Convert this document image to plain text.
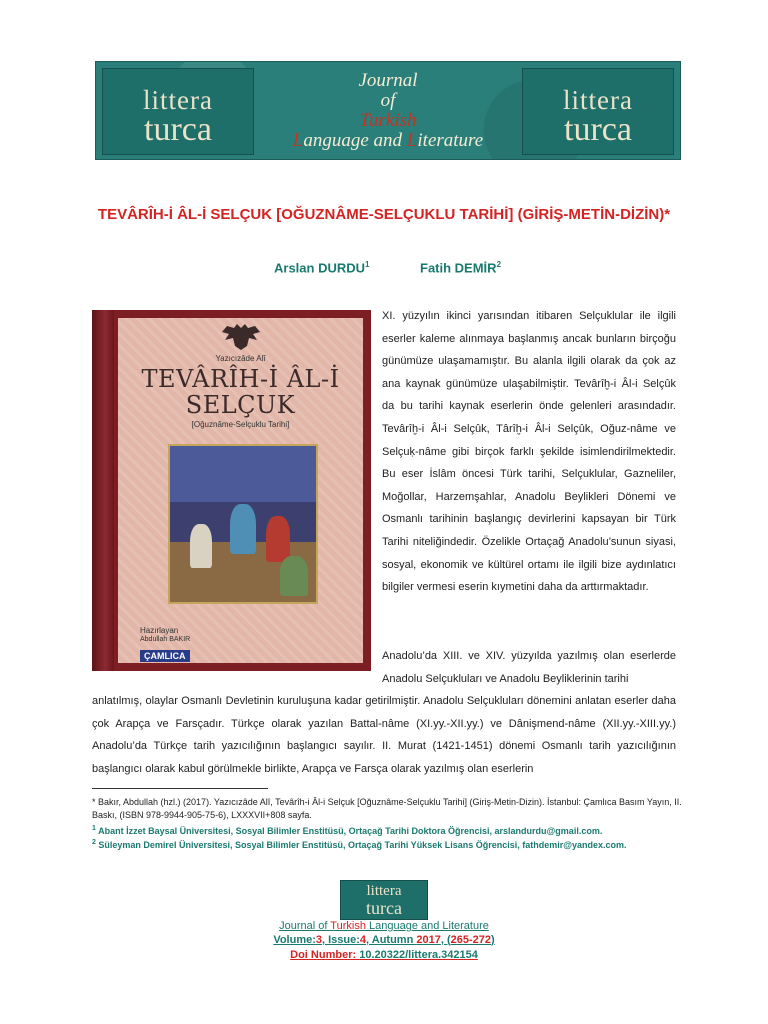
littera
turca
Journal
of
Turkish
Language and Literature
littera
turca
TEVÂRÎH-İ ÂL-İ SELÇUK [OĞUZNÂME-SELÇUKLU TARİHİ] (GİRİŞ-METİN-DİZİN)*
Arslan DURDU$^1$	Fatih DEMİR$^2$
Yazıcızâde Alî
TEVÂRÎH-İ ÂL-İ
SELÇUK
[Oğuznâme-Selçuklu Tarihi]
Hazırlayan
Abdullah BAKIR
ÇAMLICA

XI. yüzyılın ikinci yarısından itibaren Selçuklular ile ilgili eserler kaleme alınmaya başlanmış ancak bunların birçoğu günümüze ulaşamamıştır. Bu alanla ilgili olarak da çok az ana kaynak günümüze ulaşabilmiştir. Tevârîḫ-i Âl-i Selçûk da bu tarihi kaynak eserlerin önde gelenleri arasındadır. Tevârîḫ-i Âl-i Selçûk, Târîḫ-i Âl-i Selçûk, Oğuz-nâme ve Selçuḳ-nâme gibi birçok farklı şekilde isimlendirilmektedir. Bu eser İslâm öncesi Türk tarihi, Selçuklular, Gazneliler, Moğollar, Harzemşahlar, Anadolu Beylikleri Dönemi ve Osmanlı tarihinin başlangıç devirlerini kapsayan bir Türk Tarihi niteliğindedir. Özelikle Ortaçağ Anadolu’sunun siyasi, sosyal, ekonomik ve kültürel ortamı ile ilgili bize aydınlatıcı bilgiler vermesi eserin kıymetini daha da arttırmaktadır.

Anadolu’da XIII. ve XIV. yüzyılda yazılmış olan eserlerde Anadolu Selçukluları ve Anadolu Beyliklerinin tarihi
anlatılmış, olaylar Osmanlı Devletinin kuruluşuna kadar getirilmiştir. Anadolu Selçukluları dönemini anlatan eserler daha çok Arapça ve Farsçadır. Türkçe olarak yazılan Battal-nâme (XI.yy.-XII.yy.) ve Dânişmend-nâme (XII.yy.-XIII.yy.) Anadolu’da Türkçe tarih yazıcılığının başlangıcı sayılır. II. Murat (1421-1451) dönemi Osmanlı tarih yazıcılığının başlangıcı olarak kabul görülmekle birlikte, Arapça ve Farsça olarak yazılmış olan eserlerin
* Bakır, Abdullah (hzl.) (2017). Yazıcızâde Alî, Tevârîh-i Âl-i Selçuk [Oğuznâme-Selçuklu Tarihi] (Giriş-Metin-Dizin). İstanbul: Çamlıca Basım Yayın, II. Baskı, (ISBN 978-9944-905-75-6), LXXXVII+808 sayfa.
$^1$ Abant İzzet Baysal Üniversitesi, Sosyal Bilimler Enstitüsü, Ortaçağ Tarihi Doktora Öğrencisi, arslandurdu@gmail.com.
$^2$ Süleyman Demirel Üniversitesi, Sosyal Bilimler Enstitüsü, Ortaçağ Tarihi Yüksek Lisans Öğrencisi, fathdemir@yandex.com.
littera
turca
Journal of Turkish Language and Literature
Volume:3, Issue:4, Autumn 2017, (265-272)
Doi Number: 10.20322/littera.342154
